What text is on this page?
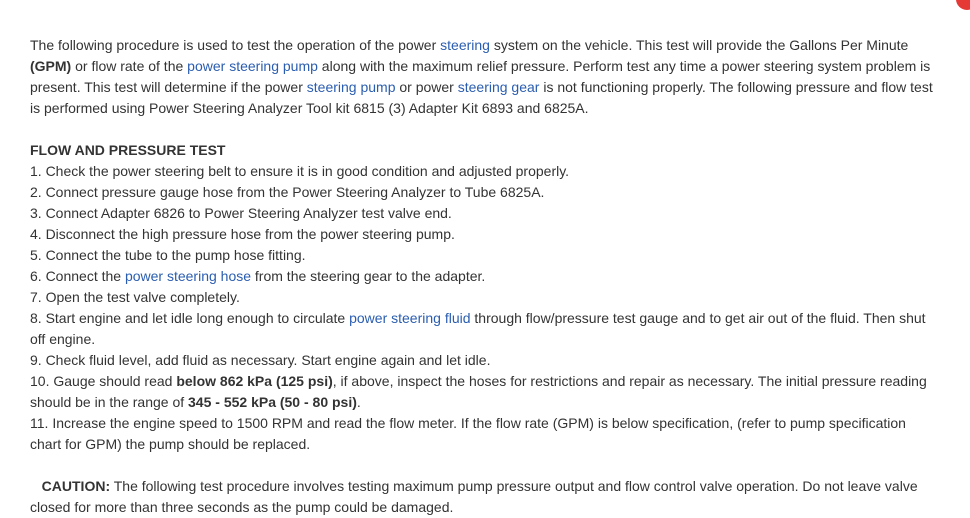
The following procedure is used to test the operation of the power steering system on the vehicle. This test will provide the Gallons Per Minute (GPM) or flow rate of the power steering pump along with the maximum relief pressure. Perform test any time a power steering system problem is present. This test will determine if the power steering pump or power steering gear is not functioning properly. The following pressure and flow test is performed using Power Steering Analyzer Tool kit 6815 (3) Adapter Kit 6893 and 6825A.

FLOW AND PRESSURE TEST

1. Check the power steering belt to ensure it is in good condition and adjusted properly.

2. Connect pressure gauge hose from the Power Steering Analyzer to Tube 6825A.

3. Connect Adapter 6826 to Power Steering Analyzer test valve end.

4. Disconnect the high pressure hose from the power steering pump.

5. Connect the tube to the pump hose fitting.

6. Connect the power steering hose from the steering gear to the adapter.

7. Open the test valve completely.

8. Start engine and let idle long enough to circulate power steering fluid through flow/pressure test gauge and to get air out of the fluid. Then shut off engine.

9. Check fluid level, add fluid as necessary. Start engine again and let idle.

10. Gauge should read below 862 kPa (125 psi), if above, inspect the hoses for restrictions and repair as necessary. The initial pressure reading should be in the range of 345 - 552 kPa (50 - 80 psi).

11. Increase the engine speed to 1500 RPM and read the flow meter. If the flow rate (GPM) is below specification, (refer to pump specification chart for GPM) the pump should be replaced.

CAUTION: The following test procedure involves testing maximum pump pressure output and flow control valve operation. Do not leave valve closed for more than three seconds as the pump could be damaged.
